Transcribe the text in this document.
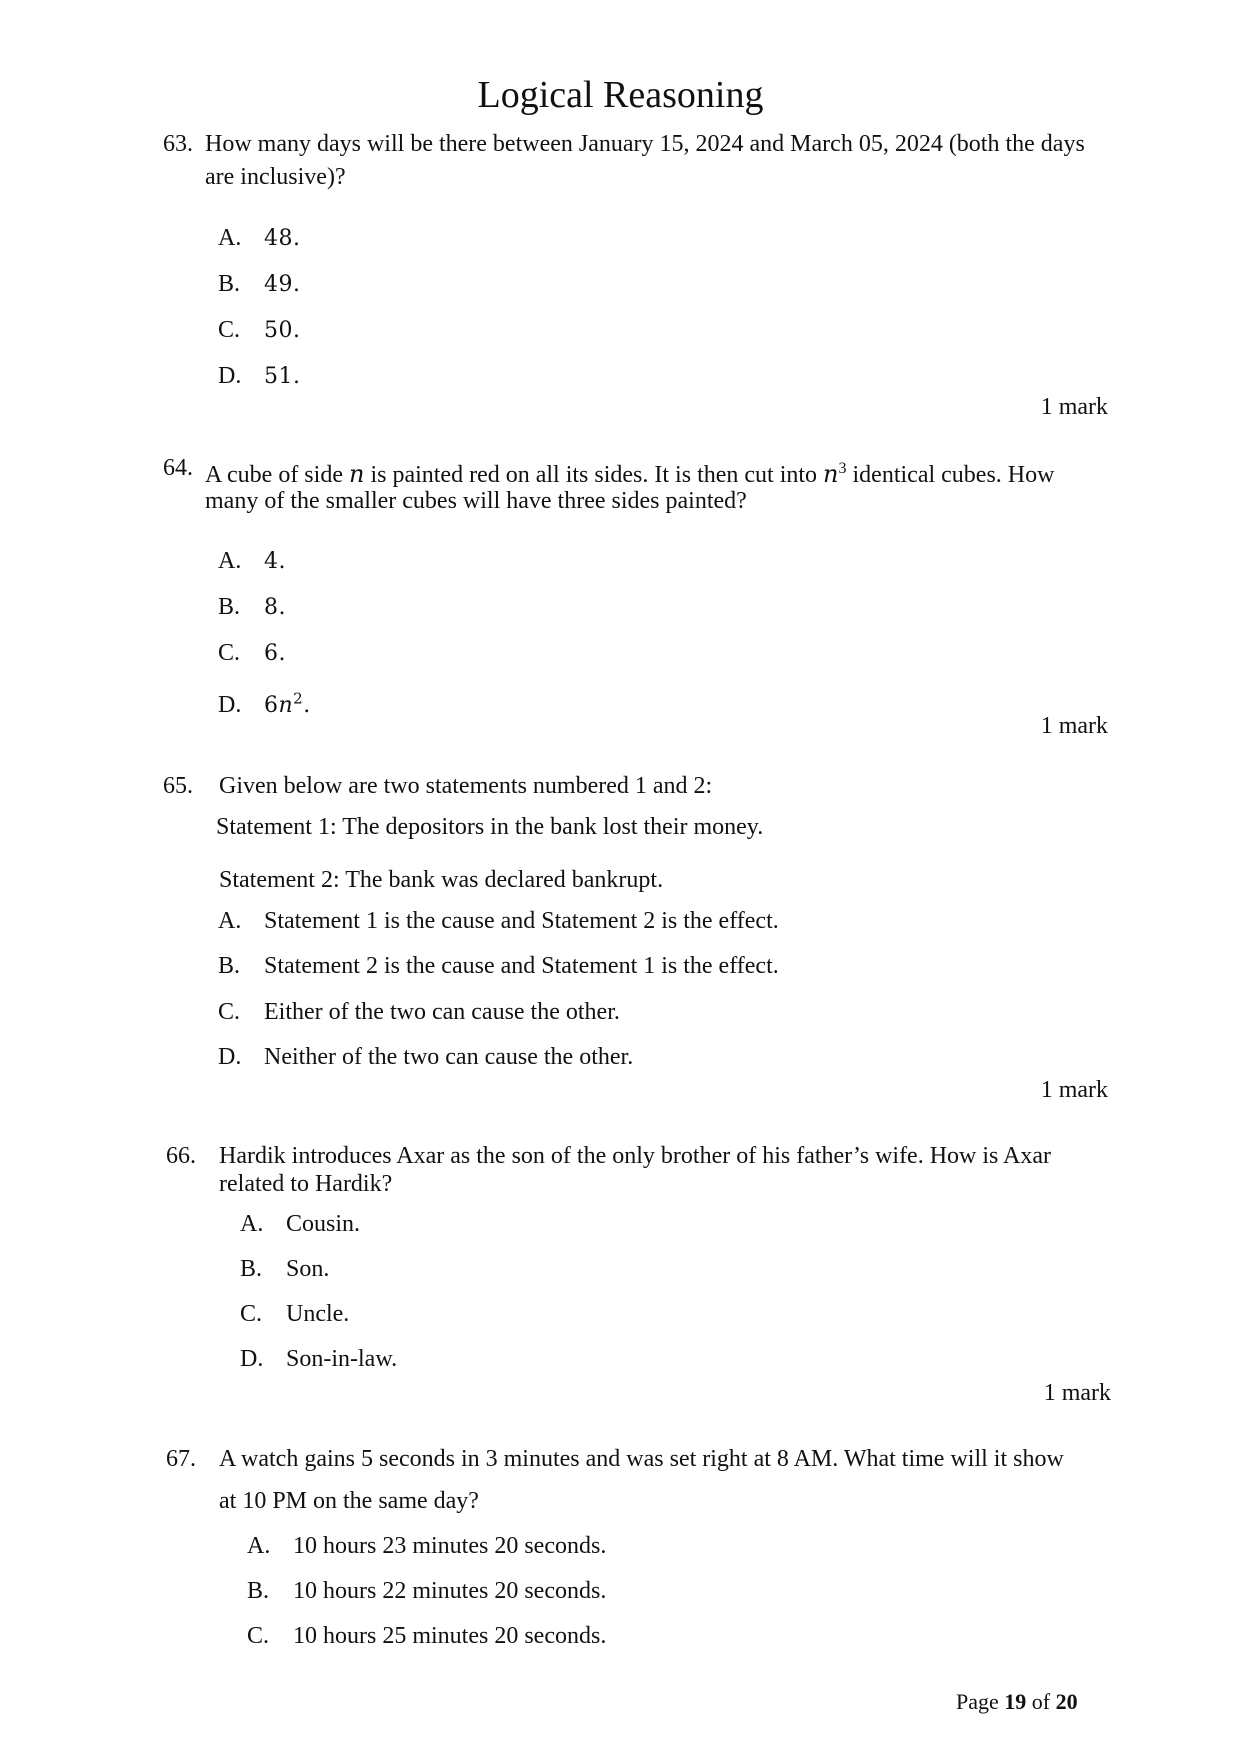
Logical Reasoning
63. How many days will be there between January 15, 2024 and March 05, 2024 (both the days
are inclusive)?
A. 48.
B. 49.
C. 50.
D. 51.
1 mark
64. A cube of side n is painted red on all its sides. It is then cut into $n^3$ identical cubes. How
many of the smaller cubes will have three sides painted?
A. 4.
B. 8.
C. 6.
D. $6n^2$.
1 mark
65. Given below are two statements numbered 1 and 2:
Statement 1: The depositors in the bank lost their money.
Statement 2: The bank was declared bankrupt.
A. Statement 1 is the cause and Statement 2 is the effect.
B. Statement 2 is the cause and Statement 1 is the effect.
C. Either of the two can cause the other.
D. Neither of the two can cause the other.
1 mark
66. Hardik introduces Axar as the son of the only brother of his father’s wife. How is Axar
related to Hardik?
A. Cousin.
B. Son.
C. Uncle.
D. Son-in-law.
1 mark
67. A watch gains 5 seconds in 3 minutes and was set right at 8 AM. What time will it show
at 10 PM on the same day?
A. 10 hours 23 minutes 20 seconds.
B. 10 hours 22 minutes 20 seconds.
C. 10 hours 25 minutes 20 seconds.
Page 19 of 20
